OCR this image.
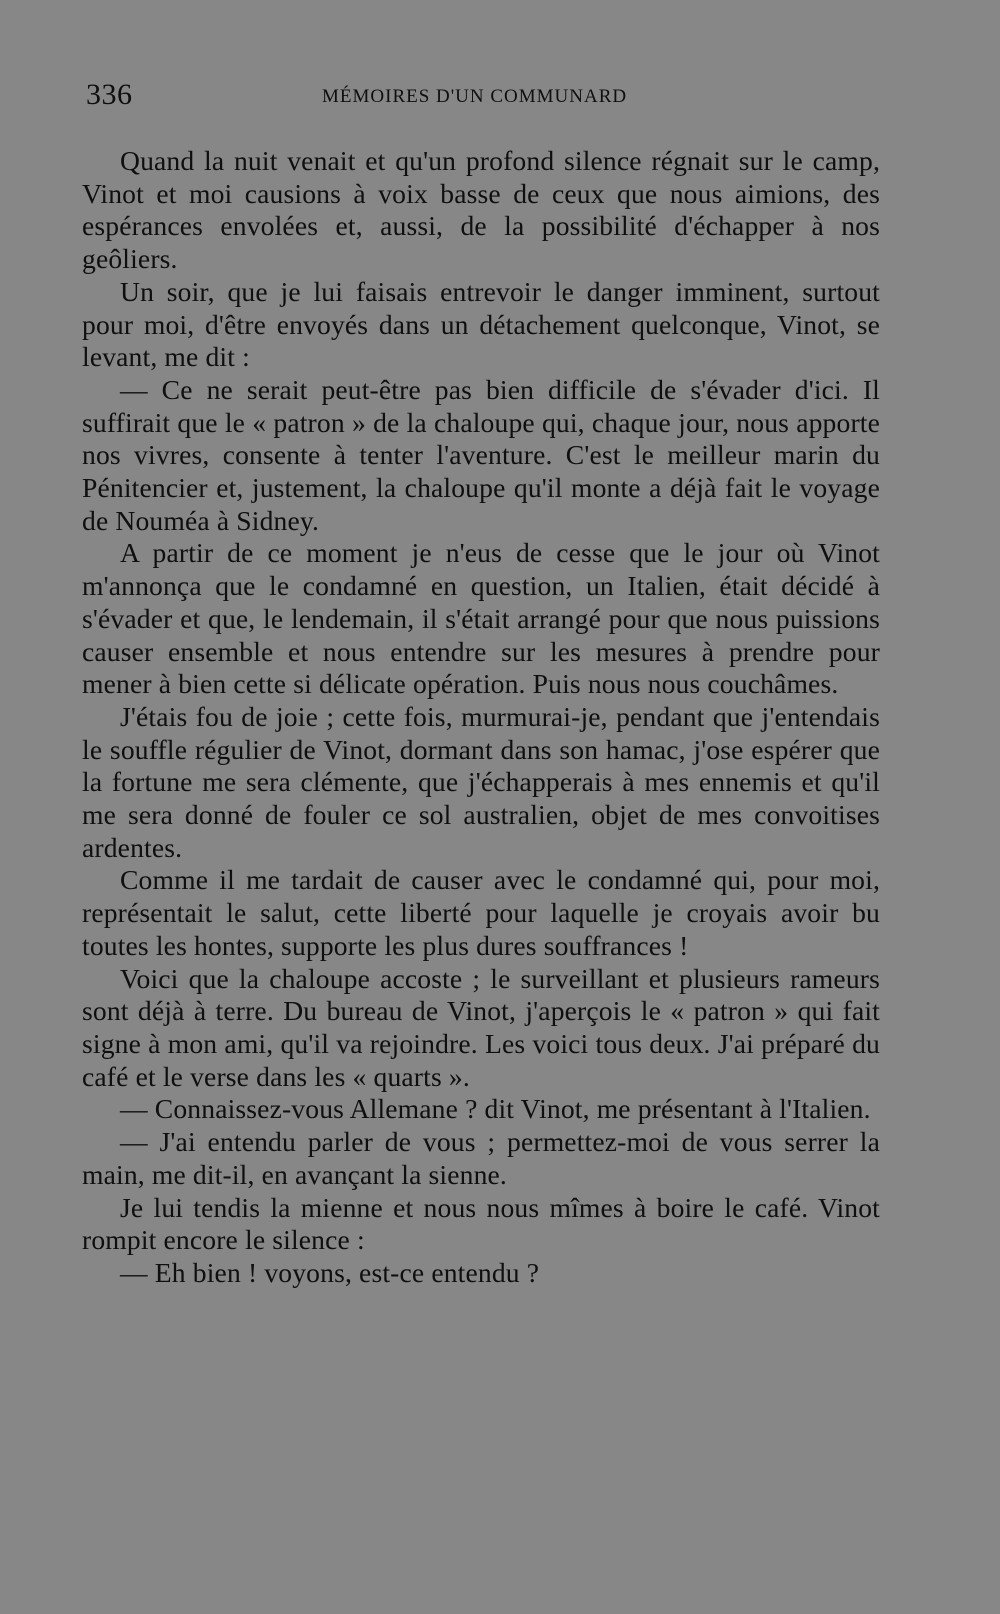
336	MÉMOIRES D'UN COMMUNARD

Quand la nuit venait et qu'un profond silence régnait sur le camp, Vinot et moi causions à voix basse de ceux que nous aimions, des espérances envolées et, aussi, de la possibilité d'échapper à nos geôliers.

Un soir, que je lui faisais entrevoir le danger imminent, surtout pour moi, d'être envoyés dans un détachement quelconque, Vinot, se levant, me dit :

— Ce ne serait peut-être pas bien difficile de s'évader d'ici. Il suffirait que le « patron » de la chaloupe qui, chaque jour, nous apporte nos vivres, consente à tenter l'aventure. C'est le meilleur marin du Pénitencier et, justement, la chaloupe qu'il monte a déjà fait le voyage de Nouméa à Sidney.

A partir de ce moment je n'eus de cesse que le jour où Vinot m'annonça que le condamné en question, un Italien, était décidé à s'évader et que, le lendemain, il s'était arrangé pour que nous puissions causer ensemble et nous entendre sur les mesures à prendre pour mener à bien cette si délicate opération. Puis nous nous couchâmes.

J'étais fou de joie ; cette fois, murmurai-je, pendant que j'entendais le souffle régulier de Vinot, dormant dans son hamac, j'ose espérer que la fortune me sera clémente, que j'échapperais à mes ennemis et qu'il me sera donné de fouler ce sol australien, objet de mes convoitises ardentes.

Comme il me tardait de causer avec le condamné qui, pour moi, représentait le salut, cette liberté pour laquelle je croyais avoir bu toutes les hontes, supporte les plus dures souffrances !

Voici que la chaloupe accoste ; le surveillant et plusieurs rameurs sont déjà à terre. Du bureau de Vinot, j'aperçois le « patron » qui fait signe à mon ami, qu'il va rejoindre. Les voici tous deux. J'ai préparé du café et le verse dans les « quarts ».

— Connaissez-vous Allemane ? dit Vinot, me présentant à l'Italien.

— J'ai entendu parler de vous ; permettez-moi de vous serrer la main, me dit-il, en avançant la sienne.

Je lui tendis la mienne et nous nous mîmes à boire le café. Vinot rompit encore le silence :

— Eh bien ! voyons, est-ce entendu ?
